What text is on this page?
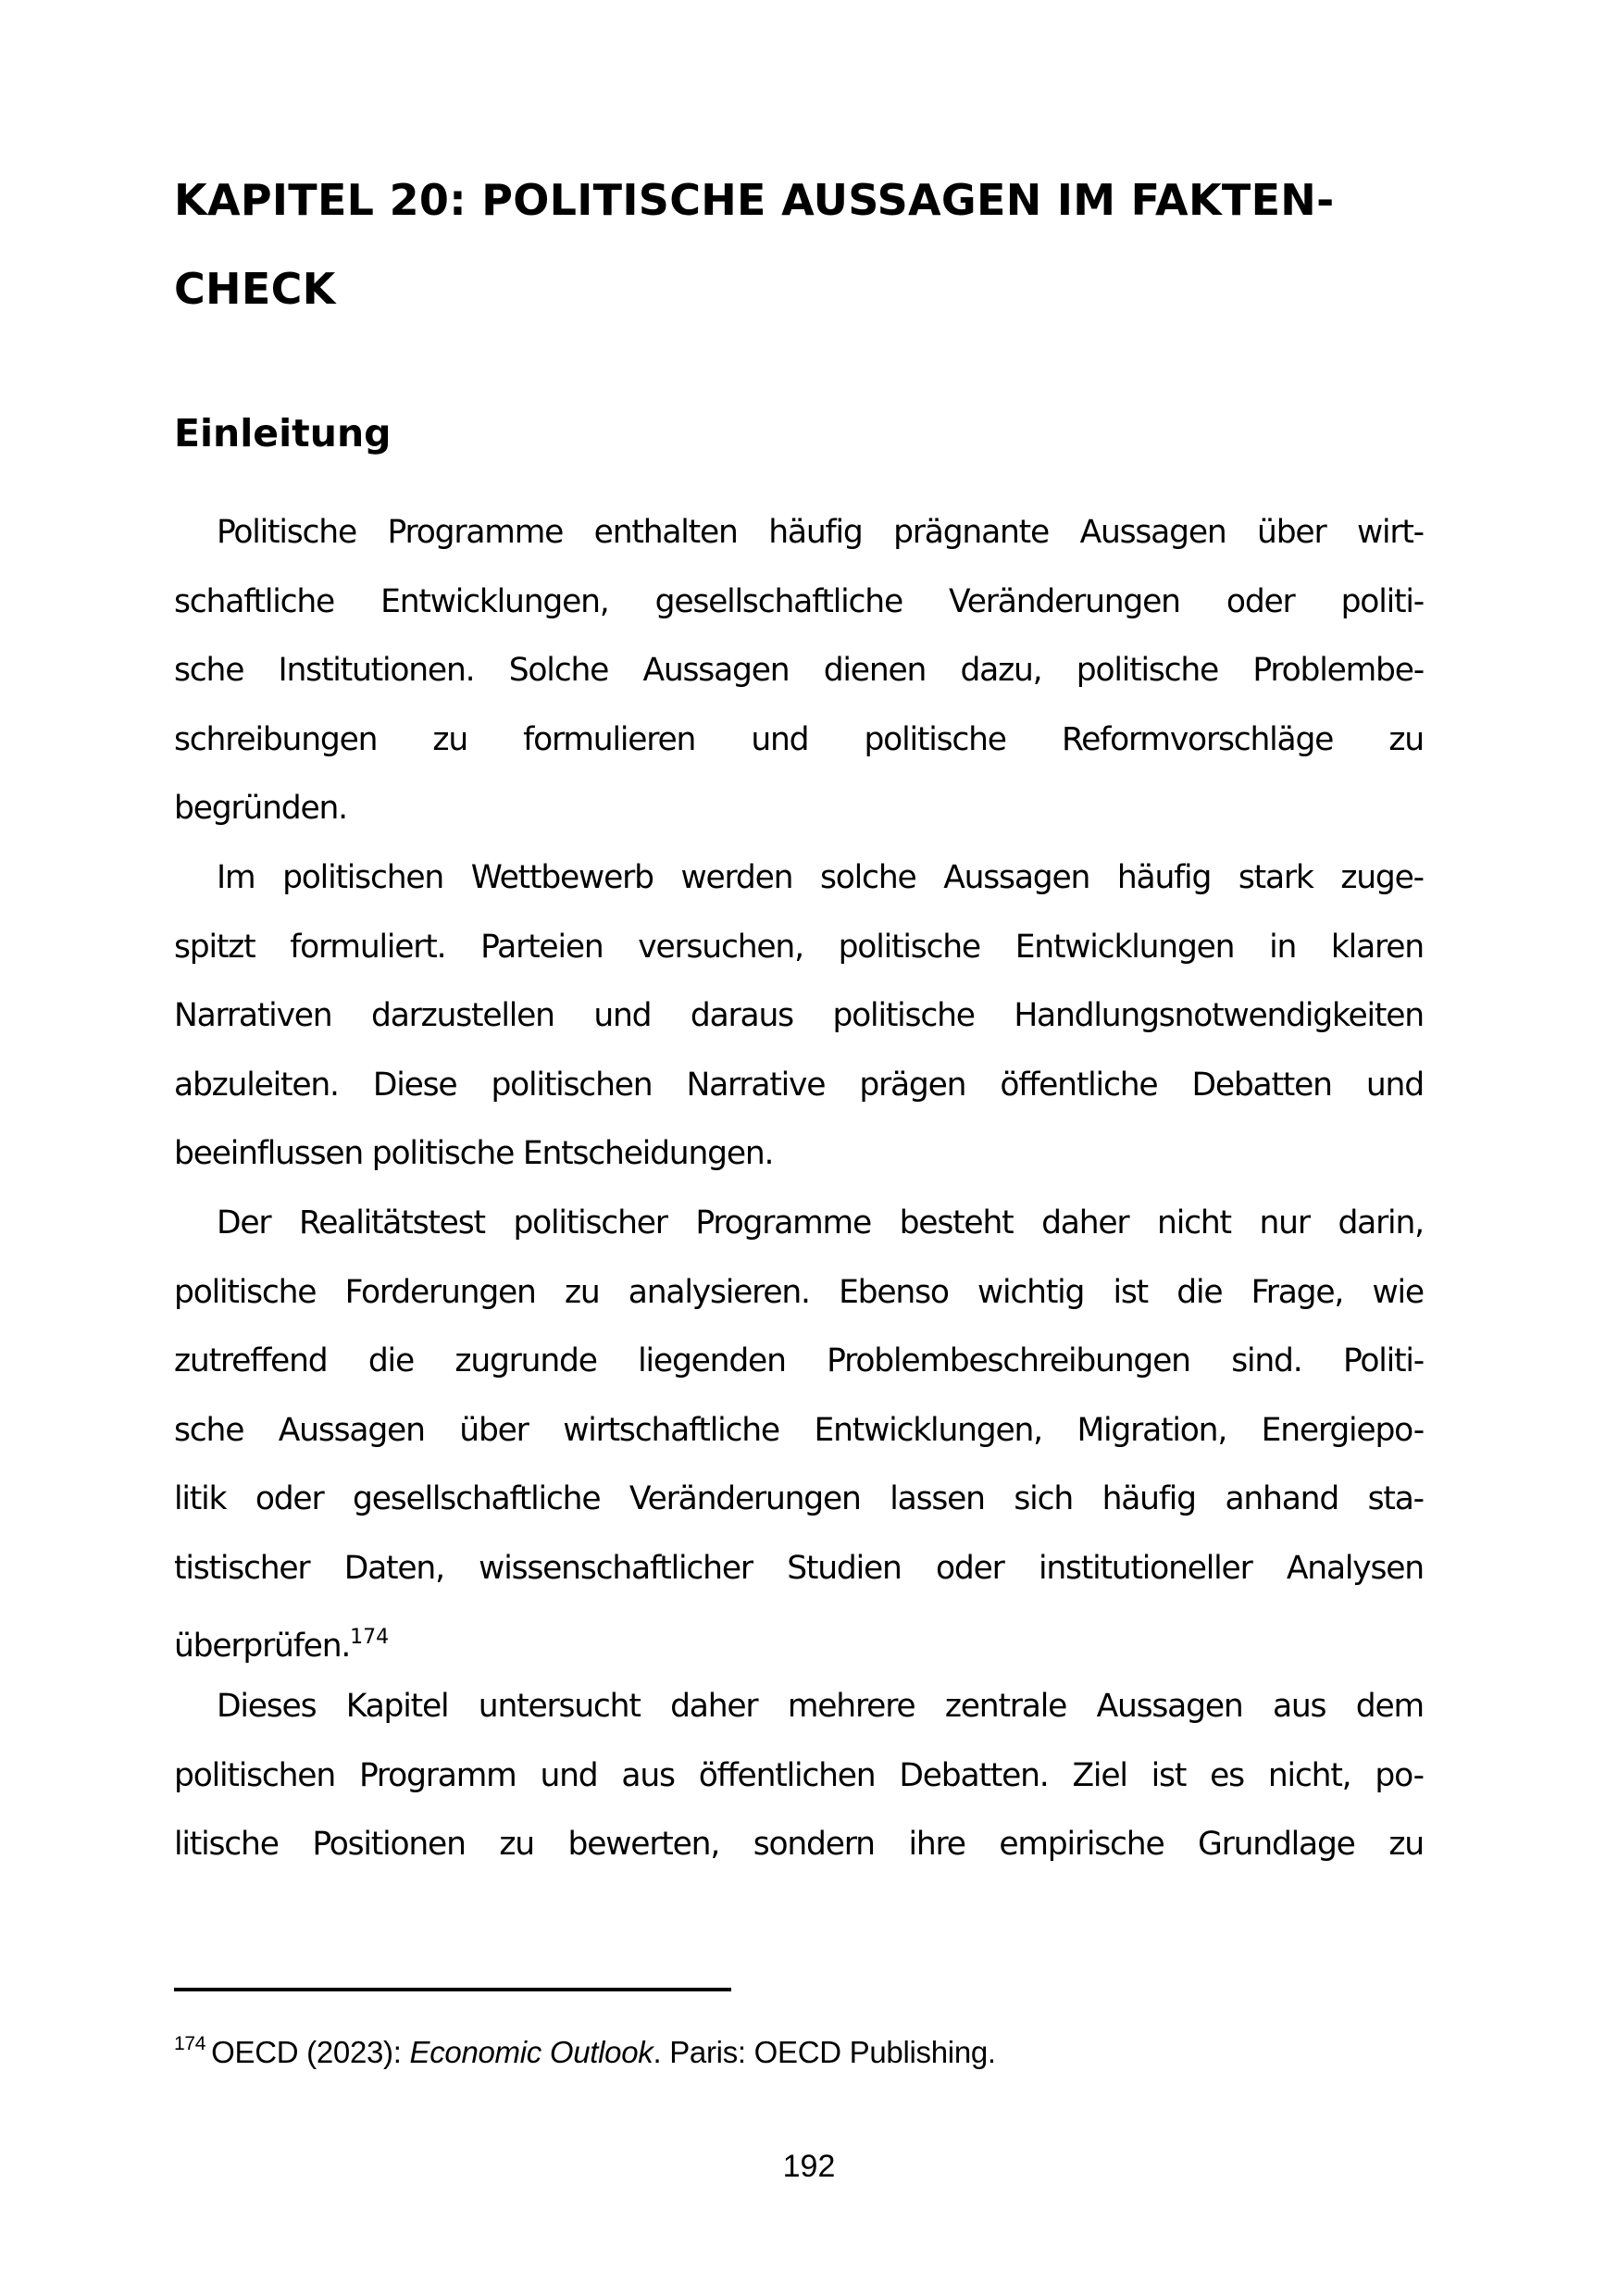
KAPITEL 20: POLITISCHE AUSSAGEN IM FAKTEN-
CHECK
Einleitung
Politische Programme enthalten häufig prägnante Aussagen über wirt-
schaftliche Entwicklungen, gesellschaftliche Veränderungen oder politi-
sche Institutionen. Solche Aussagen dienen dazu, politische Problembe-
schreibungen zu formulieren und politische Reformvorschläge zu
begründen.
Im politischen Wettbewerb werden solche Aussagen häufig stark zuge-
spitzt formuliert. Parteien versuchen, politische Entwicklungen in klaren
Narrativen darzustellen und daraus politische Handlungsnotwendigkeiten
abzuleiten. Diese politischen Narrative prägen öffentliche Debatten und
beeinflussen politische Entscheidungen.
Der Realitätstest politischer Programme besteht daher nicht nur darin,
politische Forderungen zu analysieren. Ebenso wichtig ist die Frage, wie
zutreffend die zugrunde liegenden Problembeschreibungen sind. Politi-
sche Aussagen über wirtschaftliche Entwicklungen, Migration, Energiepo-
litik oder gesellschaftliche Veränderungen lassen sich häufig anhand sta-
tistischer Daten, wissenschaftlicher Studien oder institutioneller Analysen
überprüfen.$^{174}$
Dieses Kapitel untersucht daher mehrere zentrale Aussagen aus dem
politischen Programm und aus öffentlichen Debatten. Ziel ist es nicht, po-
litische Positionen zu bewerten, sondern ihre empirische Grundlage zu
$^{174}$ OECD (2023): Economic Outlook. Paris: OECD Publishing.
192
